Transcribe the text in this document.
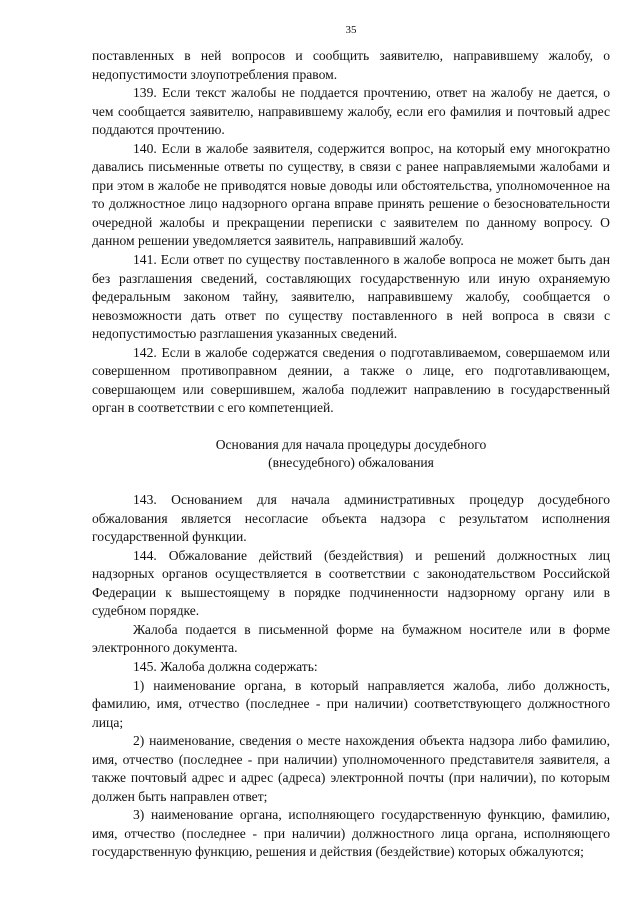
35

поставленных в ней вопросов и сообщить заявителю, направившему жалобу, о недопустимости злоупотребления правом.

139. Если текст жалобы не поддается прочтению, ответ на жалобу не дается, о чем сообщается заявителю, направившему жалобу, если его фамилия и почтовый адрес поддаются прочтению.

140. Если в жалобе заявителя, содержится вопрос, на который ему многократно давались письменные ответы по существу, в связи с ранее направляемыми жалобами и при этом в жалобе не приводятся новые доводы или обстоятельства, уполномоченное на то должностное лицо надзорного органа вправе принять решение о безосновательности очередной жалобы и прекращении переписки с заявителем по данному вопросу. О данном решении уведомляется заявитель, направивший жалобу.

141. Если ответ по существу поставленного в жалобе вопроса не может быть дан без разглашения сведений, составляющих государственную или иную охраняемую федеральным законом тайну, заявителю, направившему жалобу, сообщается о невозможности дать ответ по существу поставленного в ней вопроса в связи с недопустимостью разглашения указанных сведений.

142. Если в жалобе содержатся сведения о подготавливаемом, совершаемом или совершенном противоправном деянии, а также о лице, его подготавливающем, совершающем или совершившем, жалоба подлежит направлению в государственный орган в соответствии с его компетенцией.

Основания для начала процедуры досудебного

(внесудебного) обжалования

143. Основанием для начала административных процедур досудебного обжалования является несогласие объекта надзора с результатом исполнения государственной функции.

144. Обжалование действий (бездействия) и решений должностных лиц надзорных органов осуществляется в соответствии с законодательством Российской Федерации к вышестоящему в порядке подчиненности надзорному органу или в судебном порядке.

Жалоба подается в письменной форме на бумажном носителе или в форме электронного документа.

145. Жалоба должна содержать:

1) наименование органа, в который направляется жалоба, либо должность, фамилию, имя, отчество (последнее - при наличии) соответствующего должностного лица;

2) наименование, сведения о месте нахождения объекта надзора либо фамилию, имя, отчество (последнее - при наличии) уполномоченного представителя заявителя, а также почтовый адрес и адрес (адреса) электронной почты (при наличии), по которым должен быть направлен ответ;

3) наименование органа, исполняющего государственную функцию, фамилию, имя, отчество (последнее - при наличии) должностного лица органа, исполняющего государственную функцию, решения и действия (бездействие) которых обжалуются;
